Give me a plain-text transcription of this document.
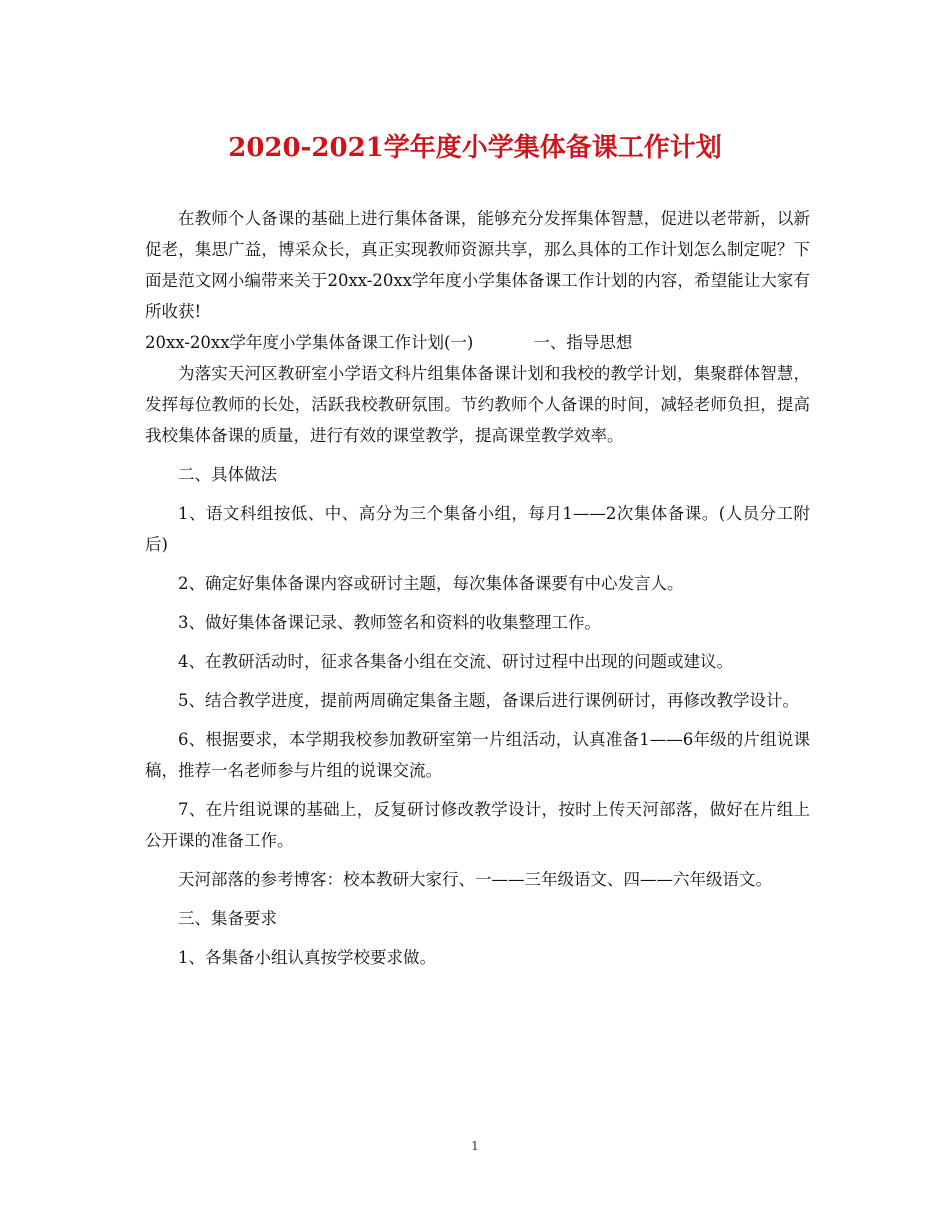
2020-2021学年度小学集体备课工作计划

在教师个人备课的基础上进行集体备课，能够充分发挥集体智慧，促进以老带新，以新促老，集思广益，博采众长，真正实现教师资源共享，那么具体的工作计划怎么制定呢？下面是范文网小编带来关于20xx-20xx学年度小学集体备课工作计划的内容，希望能让大家有所收获!

20xx-20xx学年度小学集体备课工作计划(一)	一、指导思想

为落实天河区教研室小学语文科片组集体备课计划和我校的教学计划，集聚群体智慧，发挥每位教师的长处，活跃我校教研氛围。节约教师个人备课的时间，减轻老师负担，提高我校集体备课的质量，进行有效的课堂教学，提高课堂教学效率。

二、具体做法

1、语文科组按低、中、高分为三个集备小组，每月1——2次集体备课。(人员分工附后)

2、确定好集体备课内容或研讨主题，每次集体备课要有中心发言人。

3、做好集体备课记录、教师签名和资料的收集整理工作。

4、在教研活动时，征求各集备小组在交流、研讨过程中出现的问题或建议。

5、结合教学进度，提前两周确定集备主题，备课后进行课例研讨，再修改教学设计。

6、根据要求，本学期我校参加教研室第一片组活动，认真准备1——6年级的片组说课稿，推荐一名老师参与片组的说课交流。

7、在片组说课的基础上，反复研讨修改教学设计，按时上传天河部落，做好在片组上公开课的准备工作。

天河部落的参考博客：校本教研大家行、一——三年级语文、四——六年级语文。

三、集备要求

1、各集备小组认真按学校要求做。

1
